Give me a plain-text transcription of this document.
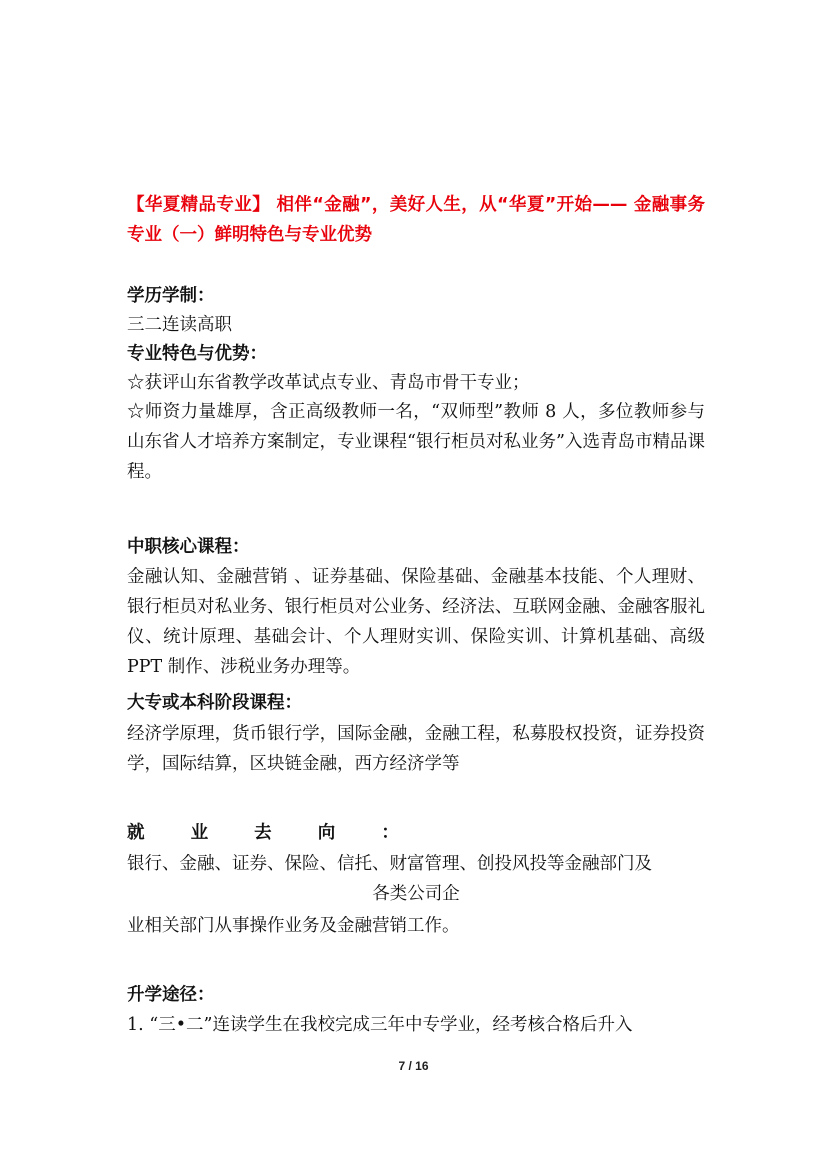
【华夏精品专业】 相伴“金融”，美好人生，从“华夏”开始—— 金融事务专业（一）鲜明特色与专业优势
学历学制：
三二连读高职
专业特色与优势：
☆获评山东省教学改革试点专业、青岛市骨干专业；
☆师资力量雄厚，含正高级教师一名，“双师型”教师 8 人，多位教师参与山东省人才培养方案制定，专业课程“银行柜员对私业务”入选青岛市精品课程。
中职核心课程：
金融认知、金融营销 、证券基础、保险基础、金融基本技能、个人理财、银行柜员对私业务、银行柜员对公业务、经济法、互联网金融、金融客服礼仪、统计原理、基础会计、个人理财实训、保险实训、计算机基础、高级 PPT 制作、涉税业务办理等。
大专或本科阶段课程：
经济学原理，货币银行学，国际金融，金融工程，私募股权投资，证券投资学，国际结算，区块链金融，西方经济学等
就 业 去 向 ：
银行、金融、证券、保险、信托、财富管理、创投风投等金融部门及
各类公司企
业相关部门从事操作业务及金融营销工作。
升学途径：
1. “三•二”连读学生在我校完成三年中专学业，经考核合格后升入
7 / 16
